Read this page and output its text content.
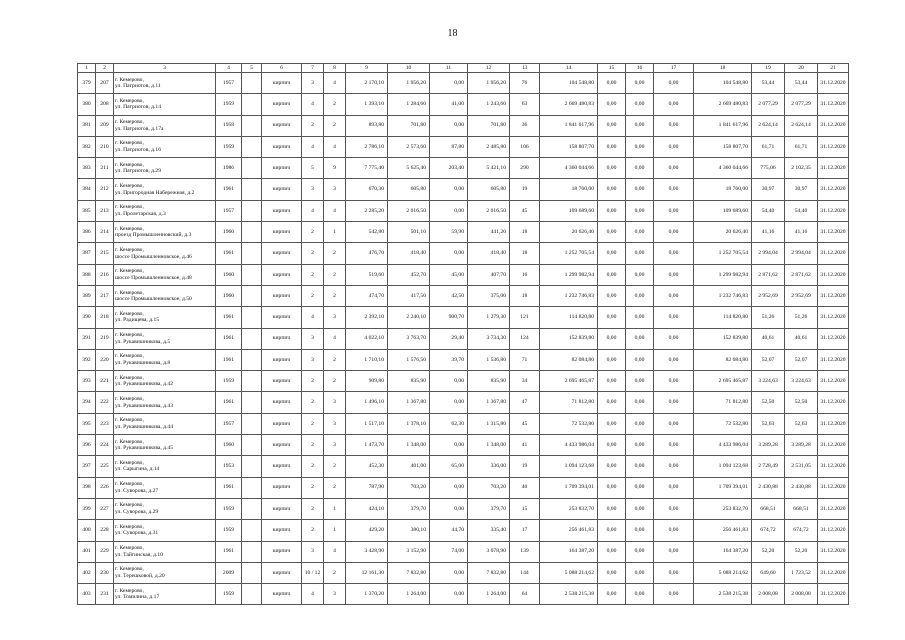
18
1	2	3	4	5	6	7	8	9	10	11	12	13	14	15	16	17	18	19	20	21
379	207	г. Кемерово,
ул. Патриотов, д.11	1957		кирпич	3	4	2 170,10	1 956,20	0,00	1 956,20	76	104 548,80	0,00	0,00	0,00	104 548,80	53,44	53,44	31.12.2020
380	208	г. Кемерово,
ул. Патриотов, д.14	1959		кирпич	4	2	1 393,10	1 284,60	41,00	1 243,60	63	2 669 480,83	0,00	0,00	0,00	2 669 480,83	2 077,29	2 077,29	31.12.2020
381	209	г. Кемерово,
ул. Патриотов, д.17а	1958		кирпич	2	2	893,80	701,80	0,00	701,80	36	1 841 617,96	0,00	0,00	0,00	1 841 617,96	2 624,14	2 624,14	31.12.2020
382	210	г. Кемерово,
ул. Патриотов, д.16	1959		кирпич	4	4	2 786,10	2 573,60	87,80	2 485,80	106	158 807,70	0,00	0,00	0,00	158 807,70	61,71	61,71	31.12.2020
383	211	г. Кемерово,
ул. Патриотов, д.29	1986		кирпич	5	9	7 775,40	5 625,40	203,40	5 421,10	290	4 360 044,66	0,00	0,00	0,00	4 360 044,66	775,06	2 102,35	31.12.2020
384	212	г. Кемерово,
ул. Пригородная Набережная, д.2	1961		кирпич	3	3	670,30	605,80	0,00	605,80	19	18 760,00	0,00	0,00	0,00	18 760,00	30,97	30,97	31.12.2020
385	213	г. Кемерово,
ул. Пролетарская, д.3	1957		кирпич	4	4	2 285,20	2 016,50	0,00	2 016,50	45	109 689,60	0,00	0,00	0,00	109 689,60	54,40	54,40	31.12.2020
386	214	г. Кемерово,
проезд Промышленновский, д.3	1960		кирпич	2	1	542,80	501,10	59,90	441,20	18	20 626,40	0,00	0,00	0,00	20 626,40	41,16	41,16	31.12.2020
387	215	г. Кемерово,
шоссе Промышленновское, д.46	1961		кирпич	2	2	476,70	418,40	0,00	418,40	18	1 252 705,54	0,00	0,00	0,00	1 252 705,54	2 994,04	2 994,04	31.12.2020
388	216	г. Кемерово,
шоссе Промышленновское, д.48	1960		кирпич	2	2	519,60	452,70	45,00	407,70	16	1 299 982,94	0,00	0,00	0,00	1 299 982,94	2 871,62	2 871,62	31.12.2020
389	217	г. Кемерово,
шоссе Промышленновское, д.50	1960		кирпич	2	2	474,70	417,50	42,50	375,00	18	1 232 746,83	0,00	0,00	0,00	1 232 746,83	2 952,69	2 952,69	31.12.2020
390	218	г. Кемерово,
ул. Радищева, д.15	1961		кирпич	4	3	2 392,10	2 240,10	900,70	1 279,30	121	114 820,80	0,00	0,00	0,00	114 820,80	51,26	51,26	31.12.2020
391	219	г. Кемерово,
ул. Рукавишникова, д.5	1961		кирпич	3	4	4 022,10	3 763,70	29,40	3 734,30	124	152 839,80	0,00	0,00	0,00	152 839,80	40,61	40,61	31.12.2020
392	220	г. Кемерово,
ул. Рукавишникова, д.8	1961		кирпич	3	2	1 710,10	1 576,50	39,70	1 536,80	71	82 084,80	0,00	0,00	0,00	82 084,80	52,07	52,07	31.12.2020
393	221	г. Кемерово,
ул. Рукавишникова, д.42	1959		кирпич	2	2	909,80	835,90	0,00	835,90	34	2 695 465,87	0,00	0,00	0,00	2 695 465,87	3 224,63	3 224,63	31.12.2020
394	222	г. Кемерово,
ул. Рукавишникова, д.43	1961		кирпич	2	3	1 496,10	1 367,80	0,00	1 367,80	47	71 812,80	0,00	0,00	0,00	71 812,80	52,50	52,50	31.12.2020
395	223	г. Кемерово,
ул. Рукавишникова, д.44	1957		кирпич	2	3	1 517,10	1 378,10	62,30	1 315,80	45	72 532,80	0,00	0,00	0,00	72 532,80	52,63	52,63	31.12.2020
396	224	г. Кемерово,
ул. Рукавишникова, д.45	1960		кирпич	2	3	1 473,70	1 348,00	0,00	1 348,00	41	4 433 986,04	0,00	0,00	0,00	4 433 986,04	3 289,28	3 289,28	31.12.2020
397	225	г. Кемерово,
ул. Сарыгина, д.14	1953		кирпич	2	2	452,30	401,00	65,00	336,00	19	1 094 123,68	0,00	0,00	0,00	1 094 123,68	2 728,49	2 531,05	31.12.2020
398	226	г. Кемерово,
ул. Суворова, д.27	1961		кирпич	2	2	787,90	703,20	0,00	703,20	40	1 709 394,01	0,00	0,00	0,00	1 709 394,01	2 430,88	2 430,88	31.12.2020
399	227	г. Кемерово,
ул. Суворова, д.29	1959		кирпич	2	1	424,10	379,70	0,00	379,70	15	253 832,70	0,00	0,00	0,00	253 832,70	668,51	668,51	31.12.2020
400	228	г. Кемерово,
ул. Суворова, д.31	1959		кирпич	2	1	429,20	380,10	44,70	335,40	17	256 461,83	0,00	0,00	0,00	256 461,83	674,72	674,72	31.12.2020
401	229	г. Кемерово,
ул. Тайгинская, д.10	1961		кирпич	3	4	3 428,90	3 152,90	74,00	3 078,90	139	164 387,20	0,00	0,00	0,00	164 387,20	52,20	52,20	31.12.2020
402	230	г. Кемерово,
ул. Терешковой, д.20	2009		кирпич	10 / 12	2	12 161,30	7 832,80	0,00	7 832,80	144	5 088 214,62	0,00	0,00	0,00	5 088 214,62	649,60	1 723,52	31.12.2020
403	231	г. Кемерово,
ул. Томилина, д.17	1959		кирпич	4	3	1 370,20	1 264,00	0,00	1 264,00	64	2 538 215,38	0,00	0,00	0,00	2 538 215,38	2 008,08	2 008,08	31.12.2020
